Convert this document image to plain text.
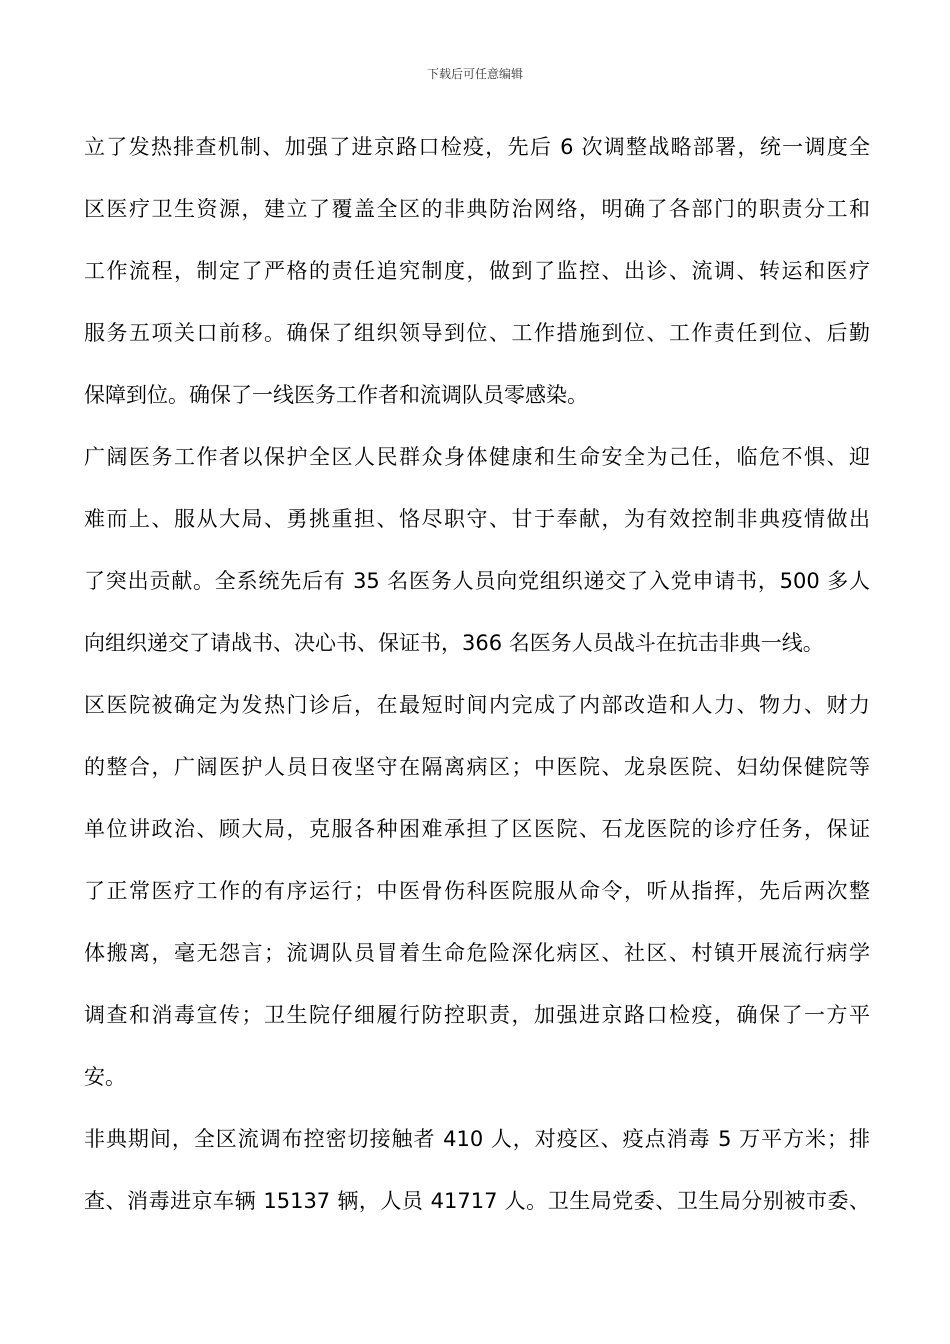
下载后可任意编辑
立了发热排查机制、加强了进京路口检疫，先后 6 次调整战略部署，统一调度全
区医疗卫生资源，建立了覆盖全区的非典防治网络，明确了各部门的职责分工和
工作流程，制定了严格的责任追究制度，做到了监控、出诊、流调、转运和医疗
服务五项关口前移。确保了组织领导到位、工作措施到位、工作责任到位、后勤
保障到位。确保了一线医务工作者和流调队员零感染。
广阔医务工作者以保护全区人民群众身体健康和生命安全为己任，临危不惧、迎
难而上、服从大局、勇挑重担、恪尽职守、甘于奉献，为有效控制非典疫情做出
了突出贡献。全系统先后有 35 名医务人员向党组织递交了入党申请书，500 多人
向组织递交了请战书、决心书、保证书，366 名医务人员战斗在抗击非典一线。
区医院被确定为发热门诊后，在最短时间内完成了内部改造和人力、物力、财力
的整合，广阔医护人员日夜坚守在隔离病区；中医院、龙泉医院、妇幼保健院等
单位讲政治、顾大局，克服各种困难承担了区医院、石龙医院的诊疗任务，保证
了正常医疗工作的有序运行；中医骨伤科医院服从命令，听从指挥，先后两次整
体搬离，毫无怨言；流调队员冒着生命危险深化病区、社区、村镇开展流行病学
调查和消毒宣传；卫生院仔细履行防控职责，加强进京路口检疫，确保了一方平
安。
非典期间，全区流调布控密切接触者 410 人，对疫区、疫点消毒 5 万平方米；排
查、消毒进京车辆 15137 辆，人员 41717 人。卫生局党委、卫生局分别被市委、
